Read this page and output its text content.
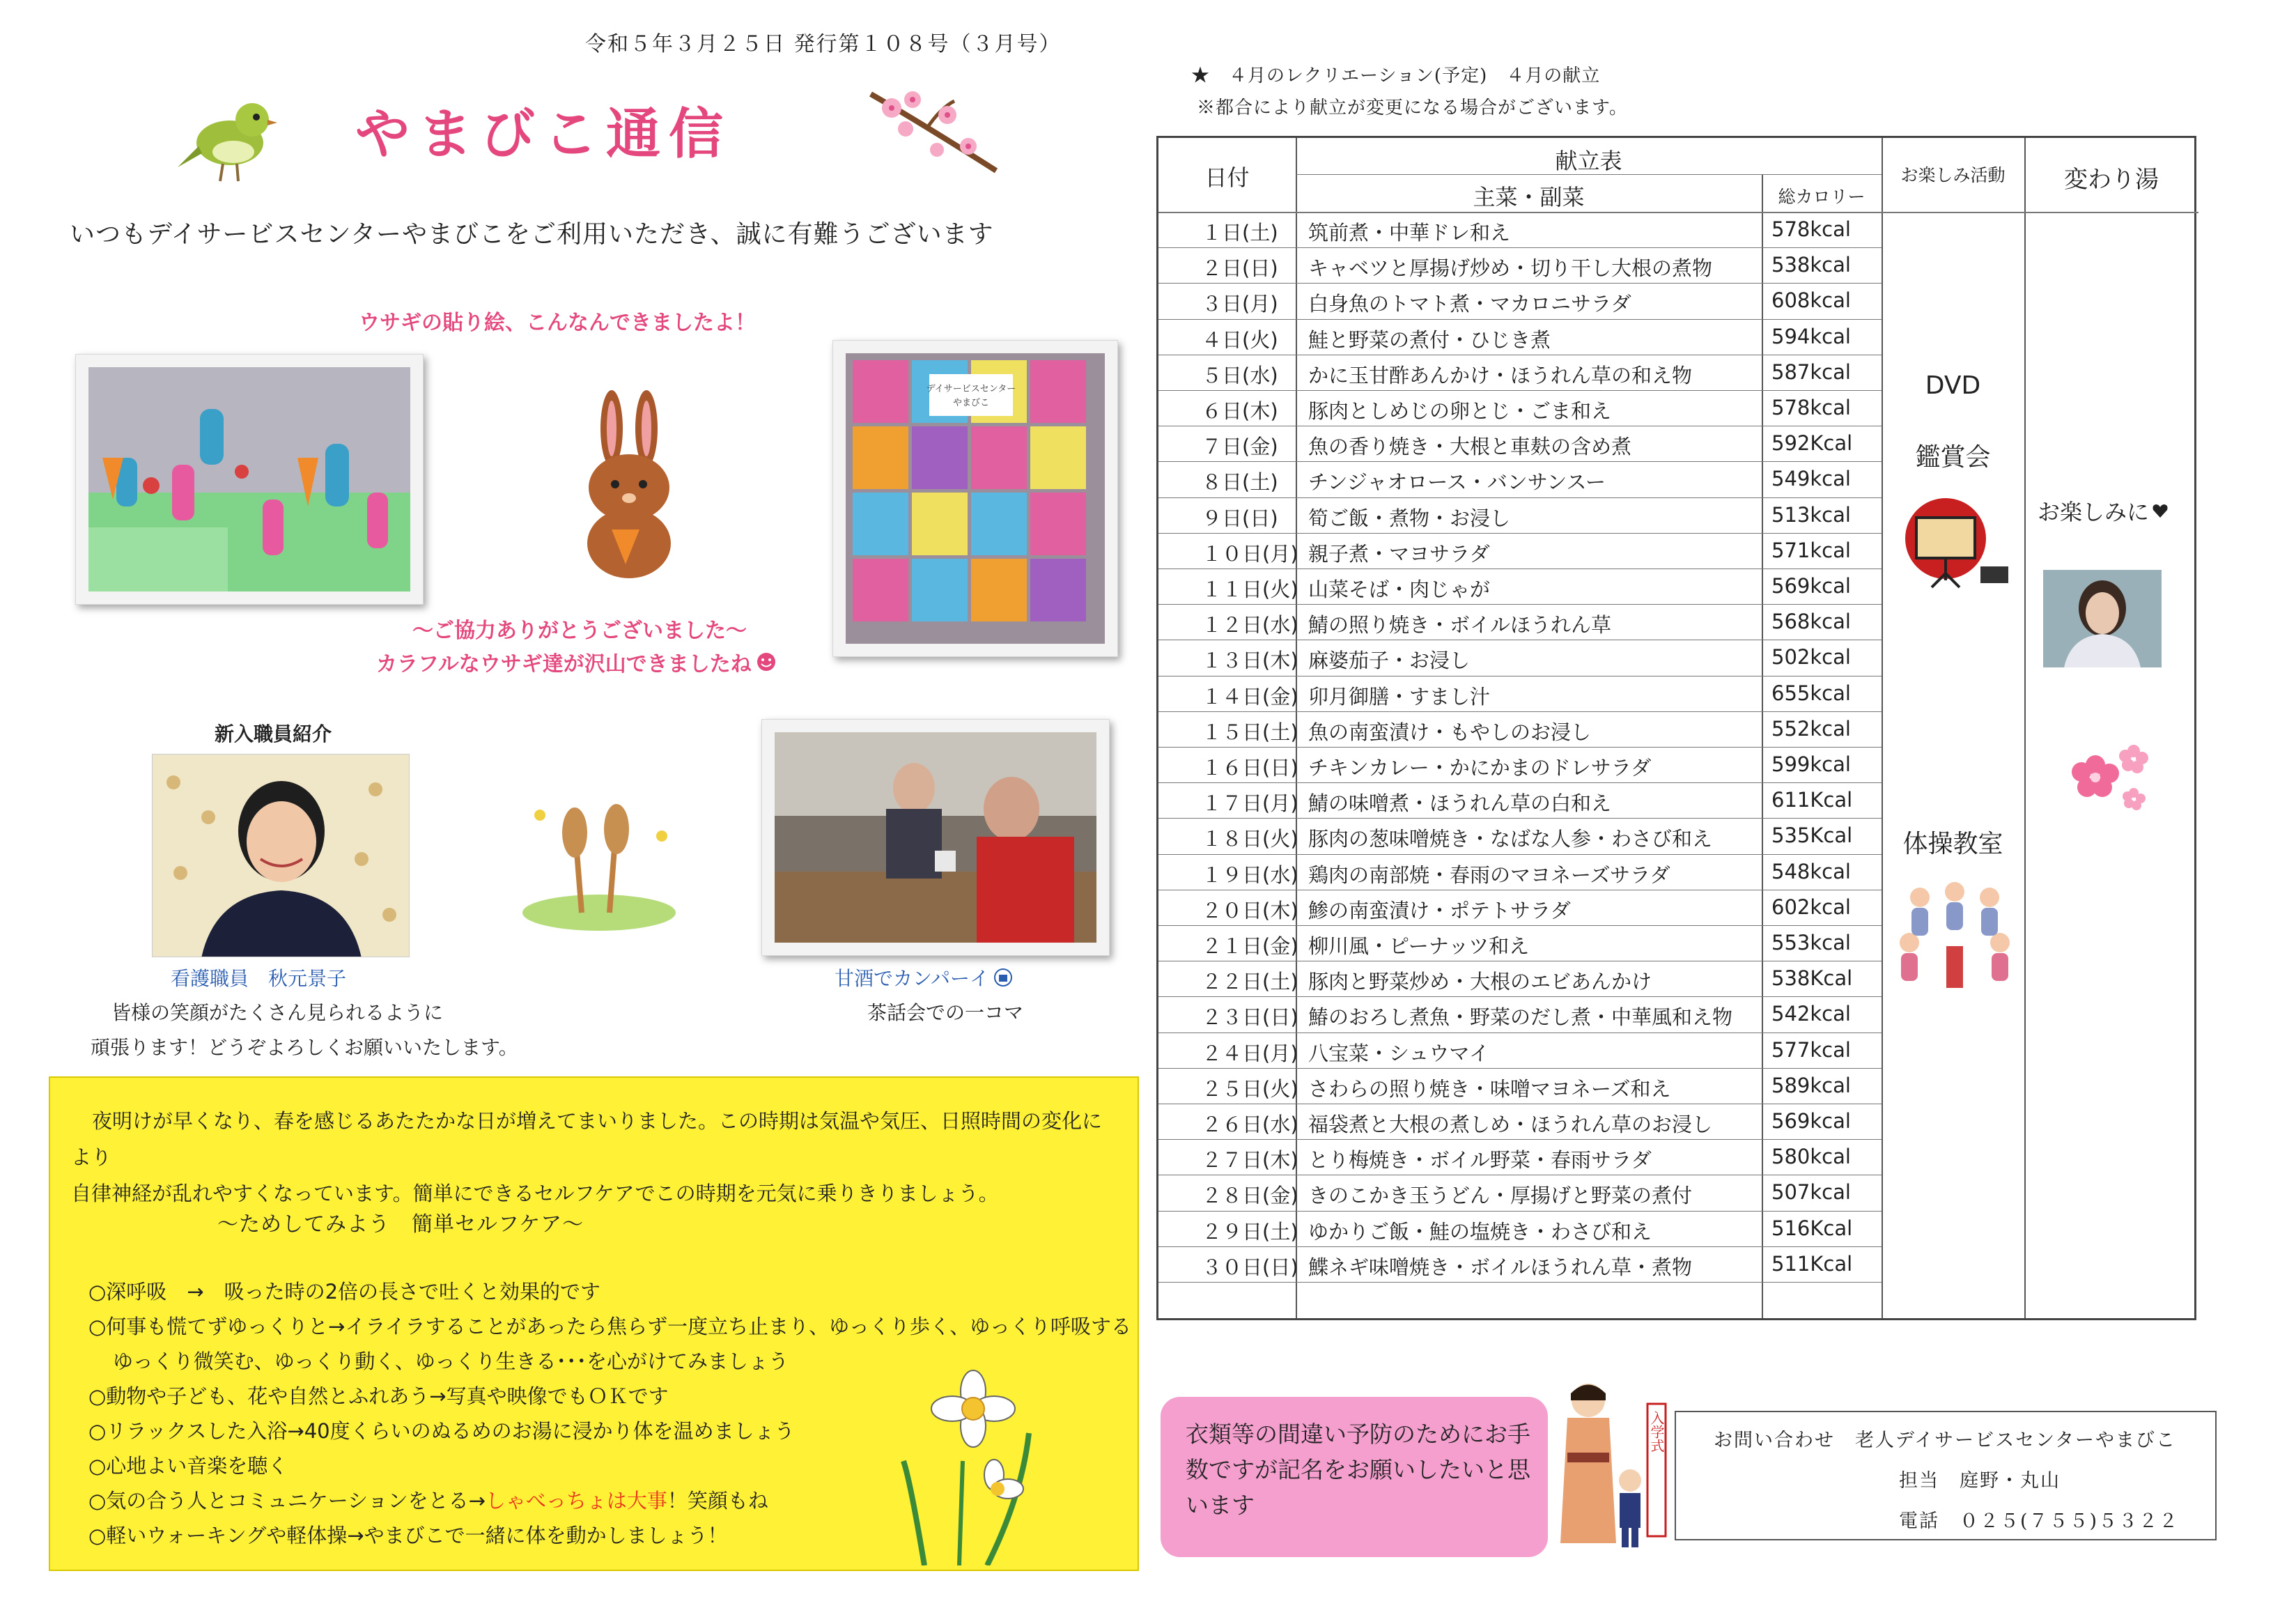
令和５年３月２５日 発行第１０８号（３月号）
やまびこ通信
いつもデイサービスセンターやまびこをご利用いただき、誠に有難うございます
ウサギの貼り絵、こんなんできましたよ！
デイサービスセンター
やまびこ
～ご協力ありがとうございました～
カラフルなウサギ達が沢山できましたね
新入職員紹介
看護職員　秋元景子
皆様の笑顔がたくさん見られるように
頑張ります！どうぞよろしくお願いいたします。
甘酒でカンパーイ
茶話会での一コマ
夜明けが早くなり、春を感じるあたたかな日が増えてまいりました。この時期は気温や気圧、日照時間の変化により
自律神経が乱れやすくなっています。簡単にできるセルフケアでこの時期を元気に乗りきりましょう。
～ためしてみよう　簡単セルフケア～
○深呼吸　→　吸った時の2倍の長さで吐くと効果的です
○何事も慌てずゆっくりと→イライラすることがあったら焦らず一度立ち止まり、ゆっくり歩く、ゆっくり呼吸する
ゆっくり微笑む、ゆっくり動く、ゆっくり生きる･･･を心がけてみましょう
○動物や子ども、花や自然とふれあう→写真や映像でもＯＫです
○リラックスした入浴→40度くらいのぬるめのお湯に浸かり体を温めましょう
○心地よい音楽を聴く
○気の合う人とコミュニケーションをとる→しゃべっちょは大事！笑顔もね
○軽いウォーキングや軽体操→やまびこで一緒に体を動かしましょう！
★　４月のレクリエーション(予定)　４月の献立
※都合により献立が変更になる場合がございます。
日付
献立表
主菜・副菜	総カロリー
お楽しみ活動	変わり湯
１日(土) 筑前煮・中華ドレ和え	578kcal
２日(日) キャベツと厚揚げ炒め・切り干し大根の煮物	538kcal
３日(月) 白身魚のトマト煮・マカロニサラダ	608kcal
４日(火) 鮭と野菜の煮付・ひじき煮	594kcal
５日(水) かに玉甘酢あんかけ・ほうれん草の和え物	587kcal
６日(木) 豚肉としめじの卵とじ・ごま和え	578kcal
７日(金) 魚の香り焼き・大根と車麸の含め煮	592Kcal
８日(土) チンジャオロース・バンサンスー	549kcal
９日(日) 筍ご飯・煮物・お浸し	513kcal
１０日(月) 親子煮・マヨサラダ	571kcal
１１日(火) 山菜そば・肉じゃが	569kcal
１２日(水) 鯖の照り焼き・ボイルほうれん草	568kcal
１３日(木) 麻婆茄子・お浸し	502kcal
１４日(金) 卯月御膳・すまし汁	655kcal
１５日(土) 魚の南蛮漬け・もやしのお浸し	552kcal
１６日(日) チキンカレー・かにかまのドレサラダ	599kcal
１７日(月) 鯖の味噌煮・ほうれん草の白和え	611Kcal
１８日(火) 豚肉の葱味噌焼き・なばな人参・わさび和え	535Kcal
１９日(水) 鶏肉の南部焼・春雨のマヨネーズサラダ	548kcal
２０日(木) 鯵の南蛮漬け・ポテトサラダ	602kcal
２１日(金) 柳川風・ピーナッツ和え	553kcal
２２日(土) 豚肉と野菜炒め・大根のエビあんかけ	538Kcal
２３日(日) 鰆のおろし煮魚・野菜のだし煮・中華風和え物 542kcal
２４日(月) 八宝菜・シュウマイ	577kcal
２５日(火) さわらの照り焼き・味噌マヨネーズ和え	589kcal
２６日(水) 福袋煮と大根の煮しめ・ほうれん草のお浸し	569kcal
２７日(木) とり梅焼き・ボイル野菜・春雨サラダ	580kcal
２８日(金) きのこかき玉うどん・厚揚げと野菜の煮付	507kcal
２９日(土) ゆかりご飯・鮭の塩焼き・わさび和え	516Kcal
３０日(日) 鰈ネギ味噌焼き・ボイルほうれん草・煮物	511Kcal
DVD
鑑賞会
体操教室
お楽しみに
衣類等の間違い予防のためにお手数ですが記名をお願いしたいと思います
入学式	お問い合わせ　老人デイサービスセンターやまびこ
担当　庭野・丸山
電話　０２５(７５５)５３２２
